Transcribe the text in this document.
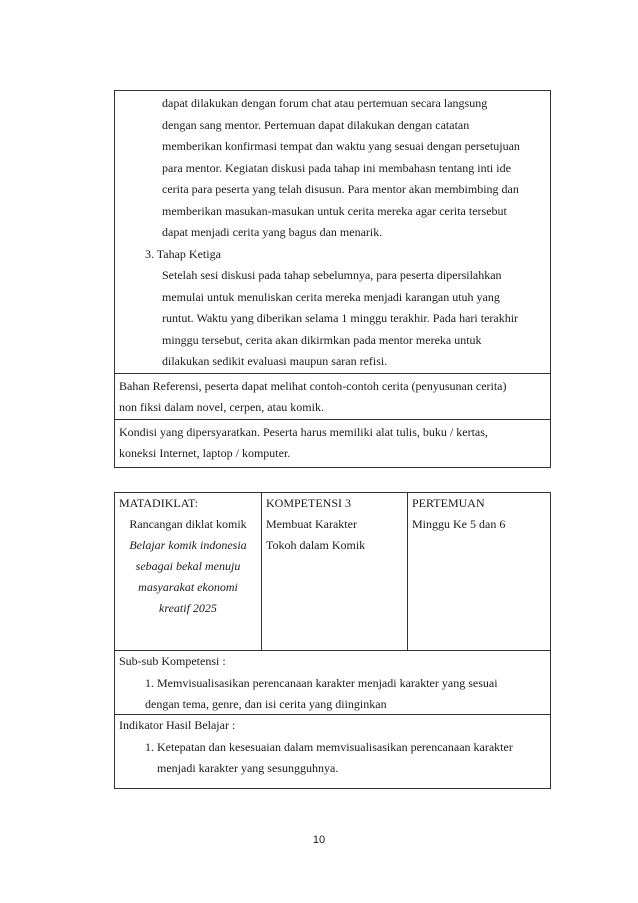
dapat dilakukan dengan forum chat atau pertemuan secara langsung
dengan sang mentor. Pertemuan dapat dilakukan dengan catatan
memberikan konfirmasi tempat dan waktu yang sesuai dengan persetujuan
para mentor. Kegiatan diskusi pada tahap ini membahasn tentang inti ide
cerita para peserta yang telah disusun. Para mentor akan membimbing dan
memberikan masukan-masukan untuk cerita mereka agar cerita tersebut
dapat menjadi cerita yang bagus dan menarik.
3. Tahap Ketiga
Setelah sesi diskusi pada tahap sebelumnya, para peserta dipersilahkan
memulai untuk menuliskan cerita mereka menjadi karangan utuh yang
runtut. Waktu yang diberikan selama 1 minggu terakhir. Pada hari terakhir
minggu tersebut, cerita akan dikirmkan pada mentor mereka untuk
dilakukan sedikit evaluasi maupun saran refisi.
Bahan Referensi, peserta dapat melihat contoh-contoh cerita (penyusunan cerita)
non fiksi dalam novel, cerpen, atau komik.
Kondisi yang dipersyaratkan. Peserta harus memiliki alat tulis, buku / kertas,
koneksi Internet, laptop / komputer.
MATADIKLAT:
Rancangan diklat komik
Belajar komik indonesia
sebagai bekal menuju
masyarakat ekonomi
kreatif 2025
KOMPETENSI 3
Membuat Karakter
Tokoh dalam Komik
PERTEMUAN
Minggu Ke 5 dan 6
Sub-sub Kompetensi :
1. Memvisualisasikan perencanaan karakter menjadi karakter yang sesuai
dengan tema, genre, dan isi cerita yang diinginkan
Indikator Hasil Belajar :
1. Ketepatan dan kesesuaian dalam memvisualisasikan perencanaan karakter
menjadi karakter yang sesungguhnya.
10
